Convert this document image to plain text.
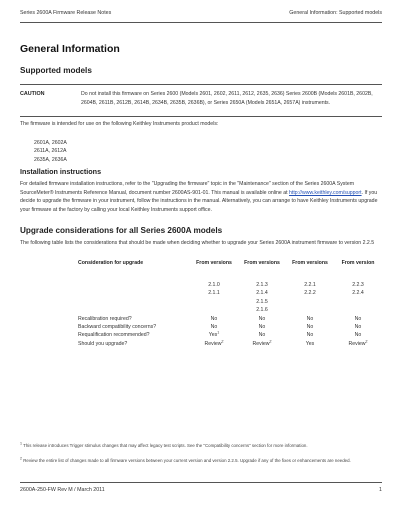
Series 2600A Firmware Release Notes	General Information: Supported models
General Information
Supported models
CAUTION	Do not install this firmware on Series 2600 (Models 2601, 2602, 2611, 2612, 2635, 2636) Series 2600B (Models 2601B, 2602B, 2604B, 2611B, 2612B, 2614B, 2634B, 2635B, 2636B), or Series 2650A (Models 2651A, 2657A) instruments.
The firmware is intended for use on the following Keithley Instruments product models:
2601A, 2602A
2611A, 2612A
2635A, 2636A
Installation instructions
For detailed firmware installation instructions, refer to the "Upgrading the firmware" topic in the "Maintenance" section of the Series 2600A System SourceMeter® Instruments Reference Manual, document number 2600AS-901-01. This manual is available online at http://www.keithley.com/support. If you decide to upgrade the firmware in your instrument, follow the instructions in the manual. Alternatively, you can arrange to have Keithley Instruments upgrade your firmware at the factory by calling your local Keithley Instruments support office.
Upgrade considerations for all Series 2600A models
The following table lists the considerations that should be made when deciding whether to upgrade your Series 2600A instrument firmware to version 2.2.5
Consideration for upgrade	From versions	From versions	From versions	From version
	2.1.0	2.1.3	2.2.1	2.2.3
	2.1.1	2.1.4	2.2.2	2.2.4
		2.1.5		
		2.1.6		
Recalibration required?	No	No	No	No
Backward compatibility concerns?	No	No	No	No
Requalification recommended?	Yes$^1$	No	No	No
Should you upgrade?	Review$^2$	Review$^2$	Yes	Review$^2$
$^1$ This release introduces Trigger stimulus changes that may affect legacy test scripts. See the "Compatibility concerns" section for more information.
$^2$ Review the entire list of changes made to all firmware versions between your current version and version 2.2.5. Upgrade if any of the fixes or enhancements are needed.
2600A-250-FW Rev M / March 2011	1
